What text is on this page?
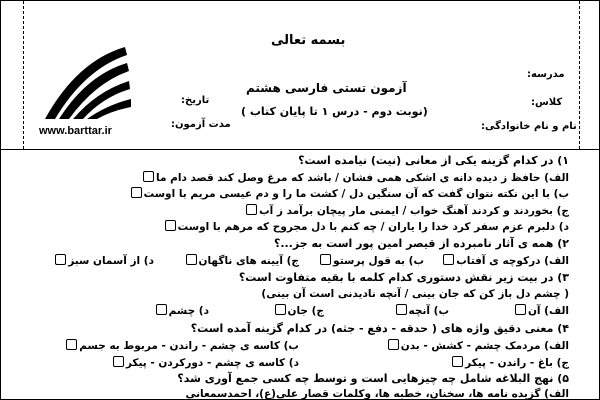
www.barttar.ir
بسمه تعالی
آزمون تستی فارسی هشتم
(نوبت دوم - درس ۱ تا پایان کتاب )
مدرسه:
کلاس:
نام و نام خانوادگی:
تاریخ:
مدت آزمون:
۱) در کدام گزینه یکی از معانی (نیت) نیامده است؟
الف) حافظ ز دیده دانه ی اشکی همی فشان / باشد که مرغ وصل کند قصد دام ما
ب) با این نکته نتوان گفت که آن سنگین دل / کشت ما را و دم عیسی مریم با اوست
ج) بخوردند و کردند آهنگ خواب / ایمنی مار پیچان برآمد ز آب
د) دلبرم عزم سفر کرد خدا را یاران / چه کنم با دل مجروح که مرهم با اوست
۲) همه ی آثار نامبرده از قیصر امین پور است به جز...؟
الف) درکوچه ی آفتاب
ب) به قول پرستو
ج) آیینه های ناگهان
د) از آسمان سبز
۳) در بیت زیر نقش دستوری کدام کلمه با بقیه متفاوت است؟
( چشم دل باز کن که جان بینی / آنچه نادیدنی است آن بینی)
الف) آن
ب) آنچه
ج) جان
د) چشم
۴) معنی دقیق واژه های ( حدقه - دفع - جثه) در کدام گزینه آمده است؟
الف) مردمک چشم - کشش - بدن
ب) کاسه ی چشم - راندن - مربوط به جسم
ج) باغ - راندن - پیکر
د) کاسه ی چشم - دورکردن - پیکر
۵) نهج البلاغه شامل چه چیزهایی است و توسط چه کسی جمع آوری شد؟
الف) گزیده نامه ها، سخنان، خطبه ها، وکلمات قصار علی(ع)، احمدسمعانی
